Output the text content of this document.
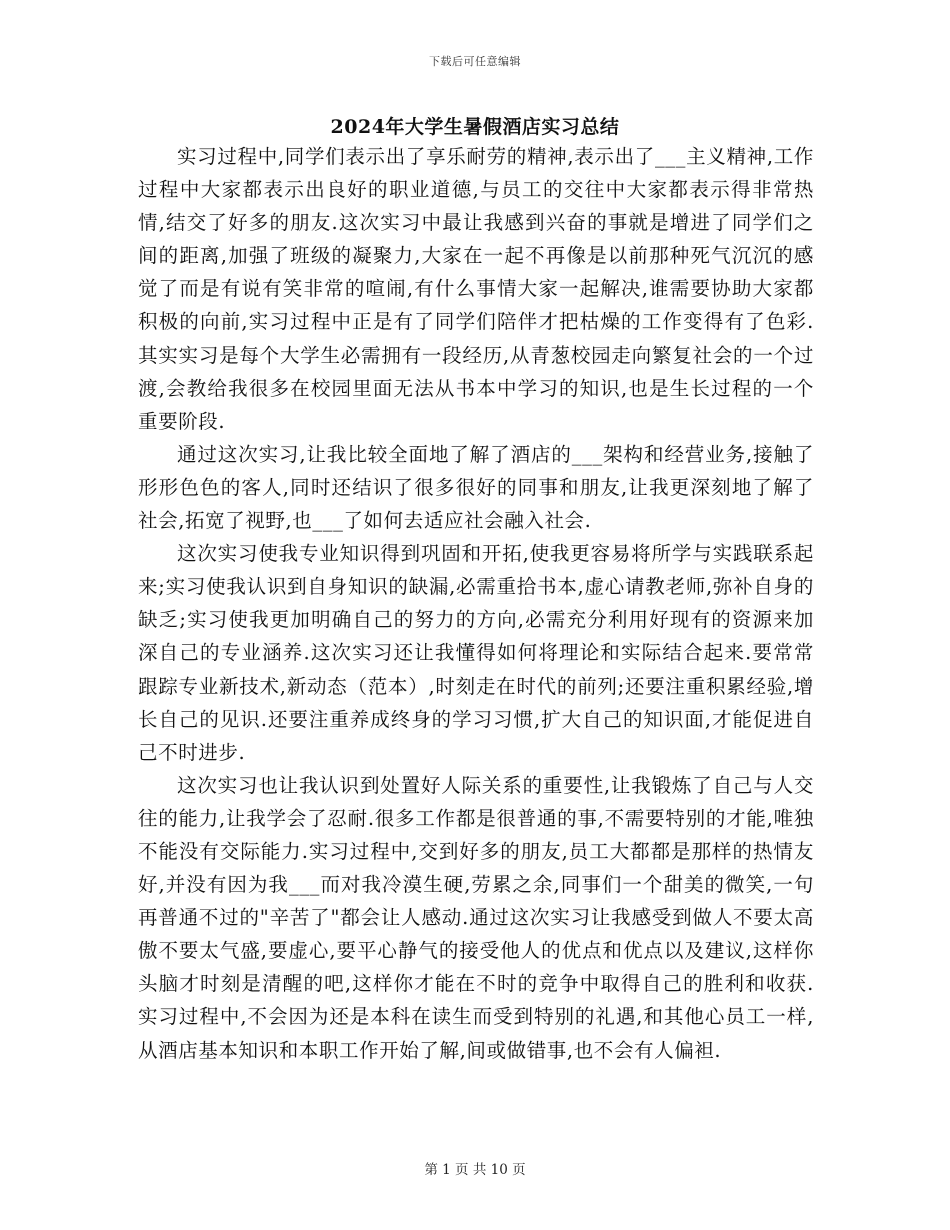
下载后可任意编辑
2024年大学生暑假酒店实习总结

实习过程中,同学们表示出了享乐耐劳的精神,表示出了___主义精神,工作过程中大家都表示出良好的职业道德,与员工的交往中大家都表示得非常热情,结交了好多的朋友.这次实习中最让我感到兴奋的事就是增进了同学们之间的距离,加强了班级的凝聚力,大家在一起不再像是以前那种死气沉沉的感觉了而是有说有笑非常的喧闹,有什么事情大家一起解决,谁需要协助大家都积极的向前,实习过程中正是有了同学们陪伴才把枯燥的工作变得有了色彩.其实实习是每个大学生必需拥有一段经历,从青葱校园走向繁复社会的一个过渡,会教给我很多在校园里面无法从书本中学习的知识,也是生长过程的一个重要阶段.

通过这次实习,让我比较全面地了解了酒店的___架构和经营业务,接触了形形色色的客人,同时还结识了很多很好的同事和朋友,让我更深刻地了解了社会,拓宽了视野,也___了如何去适应社会融入社会.

这次实习使我专业知识得到巩固和开拓,使我更容易将所学与实践联系起来;实习使我认识到自身知识的缺漏,必需重拾书本,虚心请教老师,弥补自身的缺乏;实习使我更加明确自己的努力的方向,必需充分利用好现有的资源来加深自己的专业涵养.这次实习还让我懂得如何将理论和实际结合起来.要常常跟踪专业新技术,新动态（范本）,时刻走在时代的前列;还要注重积累经验,增长自己的见识.还要注重养成终身的学习习惯,扩大自己的知识面,才能促进自己不时进步.

这次实习也让我认识到处置好人际关系的重要性,让我锻炼了自己与人交往的能力,让我学会了忍耐.很多工作都是很普通的事,不需要特别的才能,唯独不能没有交际能力.实习过程中,交到好多的朋友,员工大都都是那样的热情友好,并没有因为我___而对我冷漠生硬,劳累之余,同事们一个甜美的微笑,一句再普通不过的"辛苦了"都会让人感动.通过这次实习让我感受到做人不要太高傲不要太气盛,要虚心,要平心静气的接受他人的优点和优点以及建议,这样你头脑才时刻是清醒的吧,这样你才能在不时的竞争中取得自己的胜利和收获.实习过程中,不会因为还是本科在读生而受到特别的礼遇,和其他心员工一样,从酒店基本知识和本职工作开始了解,间或做错事,也不会有人偏袒.

第 1 页 共 10 页
